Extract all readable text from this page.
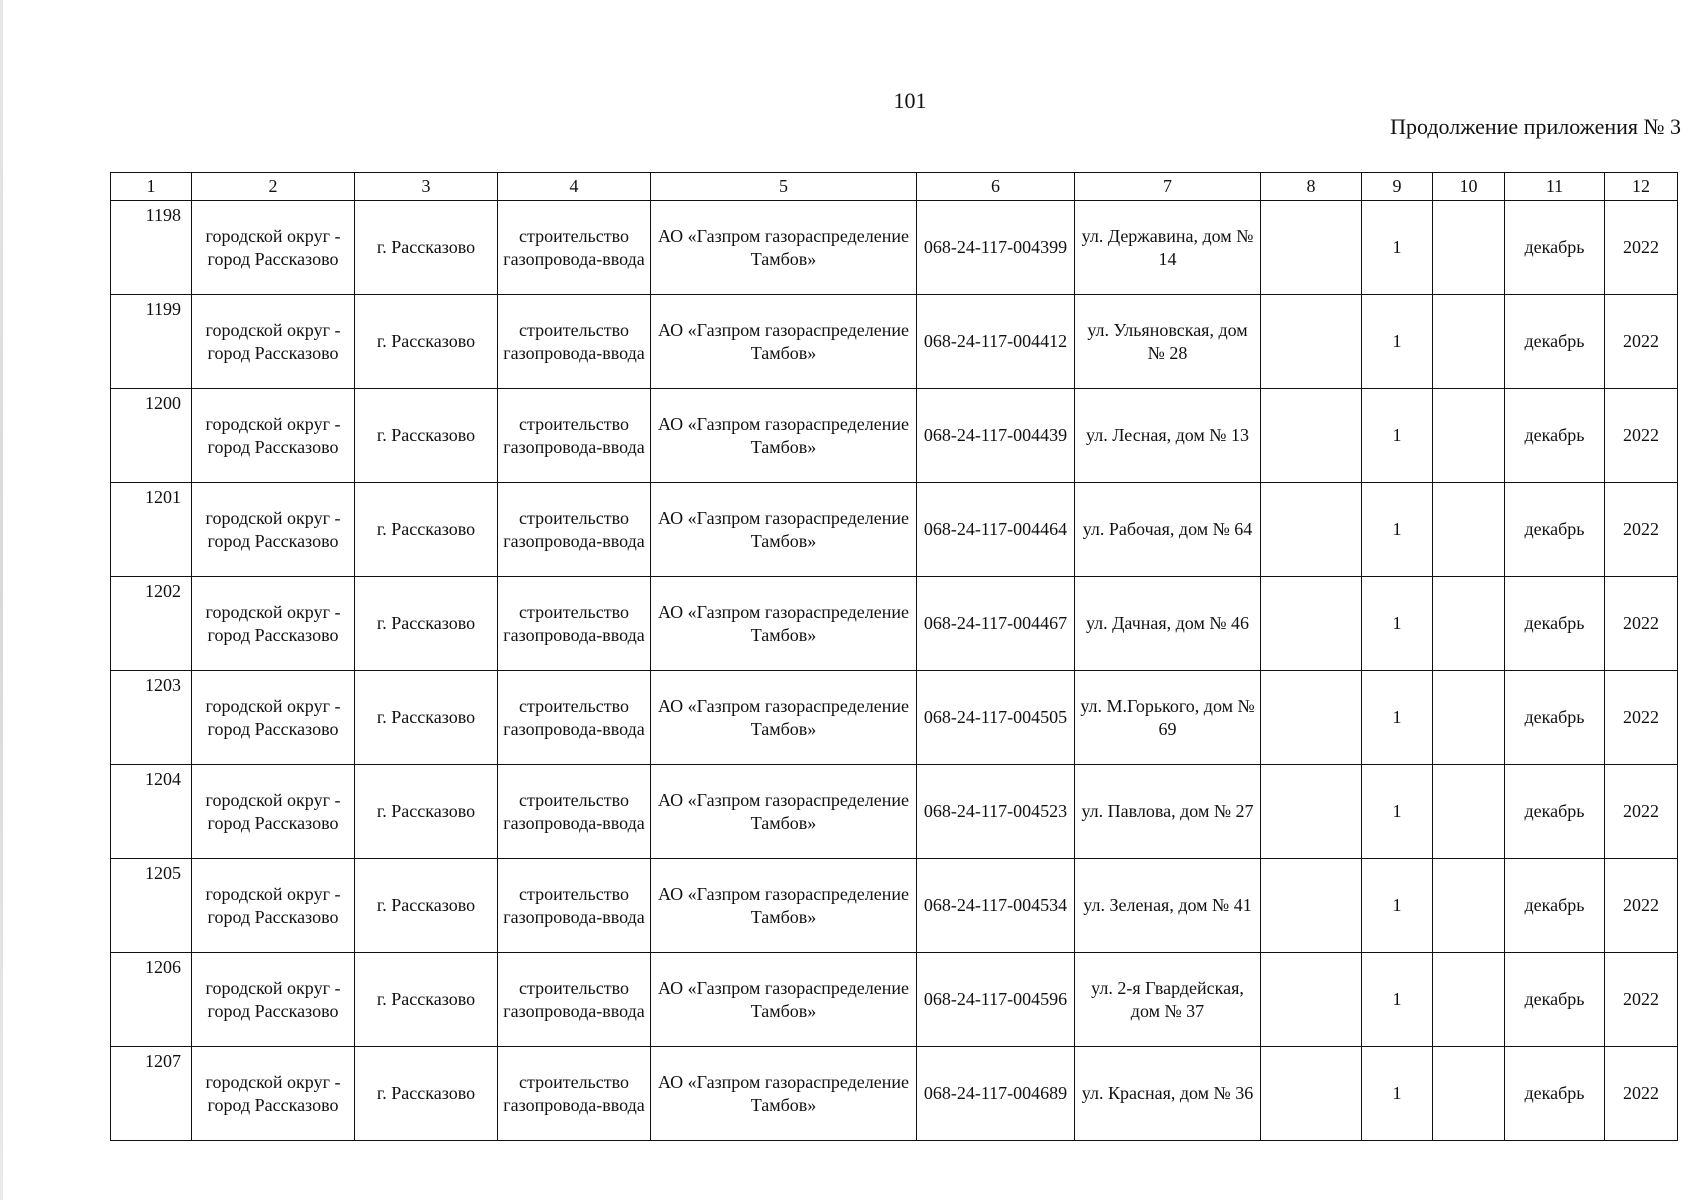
101
Продолжение приложения № 3
1	2	3	4	5	6	7	8	9	10	11	12
1198	городской округ - город Рассказово	г. Рассказово	строительство газопровода-ввода	АО «Газпром газораспределение Тамбов»	068-24-117-004399	ул. Державина, дом № 14		1		декабрь	2022
1199	городской округ - город Рассказово	г. Рассказово	строительство газопровода-ввода	АО «Газпром газораспределение Тамбов»	068-24-117-004412	ул. Ульяновская, дом № 28		1		декабрь	2022
1200	городской округ - город Рассказово	г. Рассказово	строительство газопровода-ввода	АО «Газпром газораспределение Тамбов»	068-24-117-004439	ул. Лесная, дом № 13		1		декабрь	2022
1201	городской округ - город Рассказово	г. Рассказово	строительство газопровода-ввода	АО «Газпром газораспределение Тамбов»	068-24-117-004464	ул. Рабочая, дом № 64		1		декабрь	2022
1202	городской округ - город Рассказово	г. Рассказово	строительство газопровода-ввода	АО «Газпром газораспределение Тамбов»	068-24-117-004467	ул. Дачная, дом № 46		1		декабрь	2022
1203	городской округ - город Рассказово	г. Рассказово	строительство газопровода-ввода	АО «Газпром газораспределение Тамбов»	068-24-117-004505	ул. М.Горького, дом № 69		1		декабрь	2022
1204	городской округ - город Рассказово	г. Рассказово	строительство газопровода-ввода	АО «Газпром газораспределение Тамбов»	068-24-117-004523	ул. Павлова, дом № 27		1		декабрь	2022
1205	городской округ - город Рассказово	г. Рассказово	строительство газопровода-ввода	АО «Газпром газораспределение Тамбов»	068-24-117-004534	ул. Зеленая, дом № 41		1		декабрь	2022
1206	городской округ - город Рассказово	г. Рассказово	строительство газопровода-ввода	АО «Газпром газораспределение Тамбов»	068-24-117-004596	ул. 2-я Гвардейская, дом № 37		1		декабрь	2022
1207	городской округ - город Рассказово	г. Рассказово	строительство газопровода-ввода	АО «Газпром газораспределение Тамбов»	068-24-117-004689	ул. Красная, дом № 36		1		декабрь	2022
